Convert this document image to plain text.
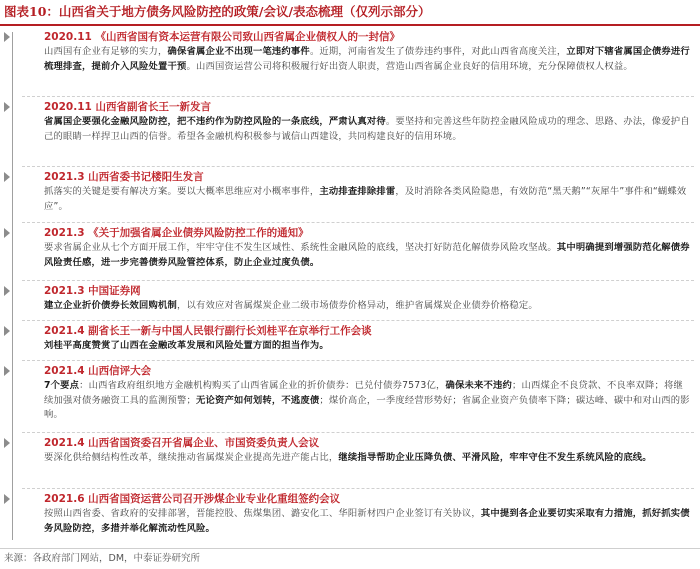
图表10：山西省关于地方债务风险防控的政策/会议/表态梳理（仅列示部分）
2020.11 《山西省国有资本运营有限公司致山西省属企业债权人的一封信》
山西国有企业有足够的实力，确保省属企业不出现一笔违约事件。近期，河南省发生了债券违约事件，对此山西省高度关注，立即对下辖省属国企债券进行梳理排查，提前介入风险处置干预。山西国资运营公司将积极履行好出资人职责，营造山西省属企业良好的信用环境，充分保障债权人权益。
2020.11 山西省副省长王一新发言
省属国企要强化金融风险防控，把不违约作为防控风险的一条底线，严肃认真对待。要坚持和完善这些年防控金融风险成功的理念、思路、办法，像爱护自己的眼睛一样捍卫山西的信誉。希望各金融机构积极参与诚信山西建设，共同构建良好的信用环境。
2021.3 山西省委书记楼阳生发言
抓落实的关键是要有解决方案。要以大概率思维应对小概率事件，主动排查排除排雷，及时消除各类风险隐患，有效防范“黑天鹅”“灰犀牛”事件和“蝴蝶效应”。
2021.3 《关于加强省属企业债券风险防控工作的通知》
要求省属企业从七个方面开展工作，牢牢守住不发生区域性、系统性金融风险的底线，坚决打好防范化解债券风险攻坚战。其中明确提到增强防范化解债券风险责任感，进一步完善债券风险管控体系，防止企业过度负债。
2021.3 中国证券网
建立企业折价债券长效回购机制，以有效应对省属煤炭企业二级市场债券价格异动，维护省属煤炭企业债券价格稳定。
2021.4 副省长王一新与中国人民银行副行长刘桂平在京举行工作会谈
刘桂平高度赞赏了山西在金融改革发展和风险处置方面的担当作为。
2021.4 山西信评大会
7个要点：山西省政府组织地方金融机构购买了山西省属企业的折价债券：已兑付债券7573亿，确保未来不违约；山西煤企不良贷款、不良率双降；将继续加强对债务融资工具的监测预警；无论资产如何划转，不逃废债；煤价高企，一季度经营形势好；省属企业资产负债率下降；碳达峰、碳中和对山西的影响。
2021.4 山西省国资委召开省属企业、市国资委负责人会议
要深化供给侧结构性改革，继续推动省属煤炭企业提高先进产能占比，继续指导帮助企业压降负债、平滑风险，牢牢守住不发生系统风险的底线。
2021.6 山西省国资运营公司召开涉煤企业专业化重组签约会议
按照山西省委、省政府的安排部署，晋能控股、焦煤集团、潞安化工、华阳新材四户企业签订有关协议，其中提到各企业要切实采取有力措施，抓好抓实债务风险防控，多措并举化解流动性风险。
来源：各政府部门网站，DM，中泰证券研究所
